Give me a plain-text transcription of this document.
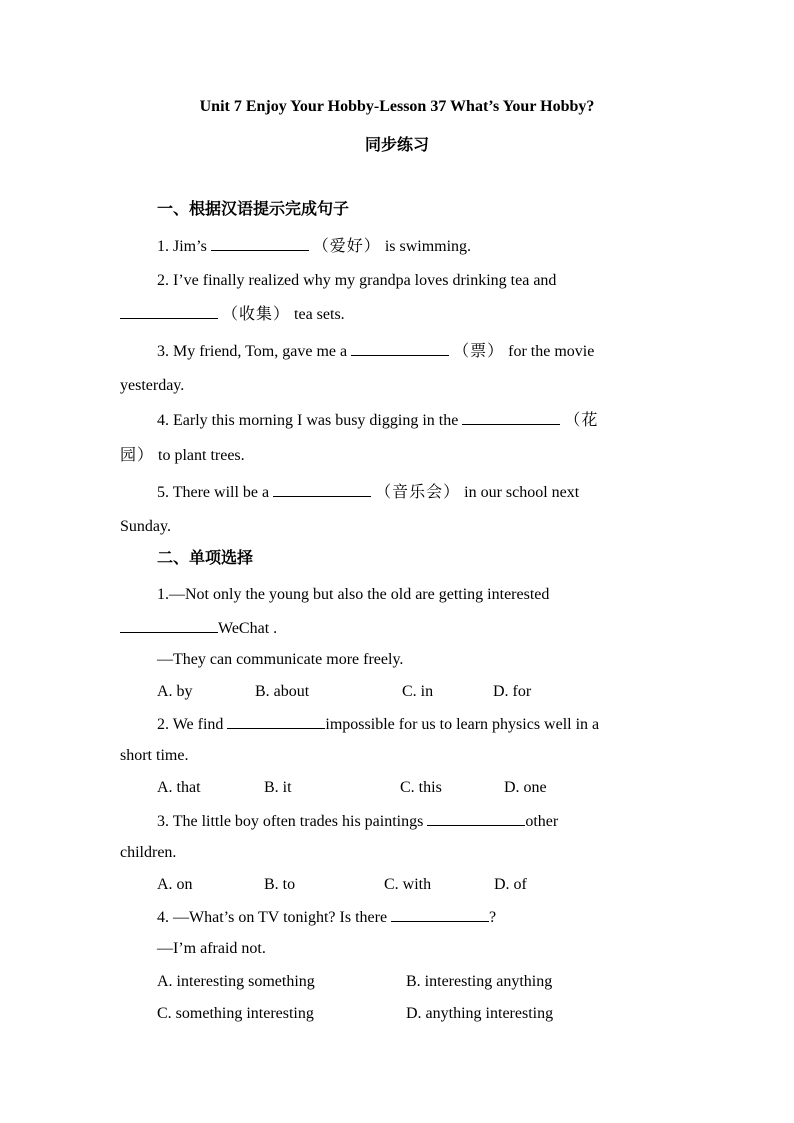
Unit 7 Enjoy Your Hobby-Lesson 37 What’s Your Hobby?
同步练习
一、根据汉语提示完成句子
1. Jim’s	（爱好） is swimming.
2. I’ve finally realized why my grandpa loves drinking tea and
（收集） tea sets.
3. My friend, Tom, gave me a	（票） for the movie
yesterday.
4. Early this morning I was busy digging in the	（花
园） to plant trees.
5. There will be a	（音乐会） in our school next
Sunday.
二、单项选择
1.—Not only the young but also the old are getting interested
WeChat .
—They can communicate more freely.
A. by	B. about	C. in	D. for
2. We find	impossible for us to learn physics well in a
short time.
A. that	B. it	C. this	D. one
3. The little boy often trades his paintings	other
children.
A. on	B. to	C. with	D. of
4. —What’s on TV tonight? Is there	?
—I’m afraid not.
A. interesting something	B. interesting anything
C. something interesting	D. anything interesting
